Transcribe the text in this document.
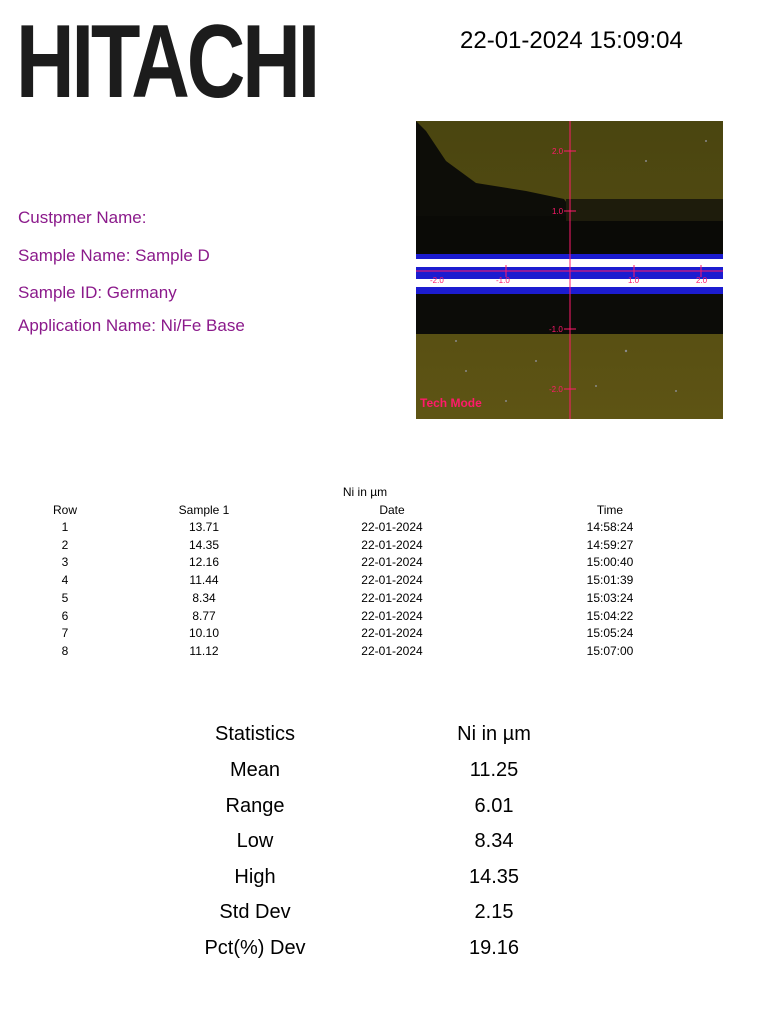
HITACHI	22-01-2024 15:09:04
Custpmer Name:
Sample Name: Sample D
Sample ID: Germany
Application Name: Ni/Fe Base
2.0
1.0
-1.0
-2.0
1.0	2.0
-1.0
-2.0
Tech Mode
Ni in µm
Row	Sample 1	Date	Time
1	13.71	22-01-2024	14:58:24
2	14.35	22-01-2024	14:59:27
3	12.16	22-01-2024	15:00:40
4	11.44	22-01-2024	15:01:39
5	8.34	22-01-2024	15:03:24
6	8.77	22-01-2024	15:04:22
7	10.10	22-01-2024	15:05:24
8	11.12	22-01-2024	15:07:00
Statistics	Ni in µm
Mean	11.25
Range	6.01
Low	8.34
High	14.35
Std Dev	2.15
Pct(%) Dev	19.16
